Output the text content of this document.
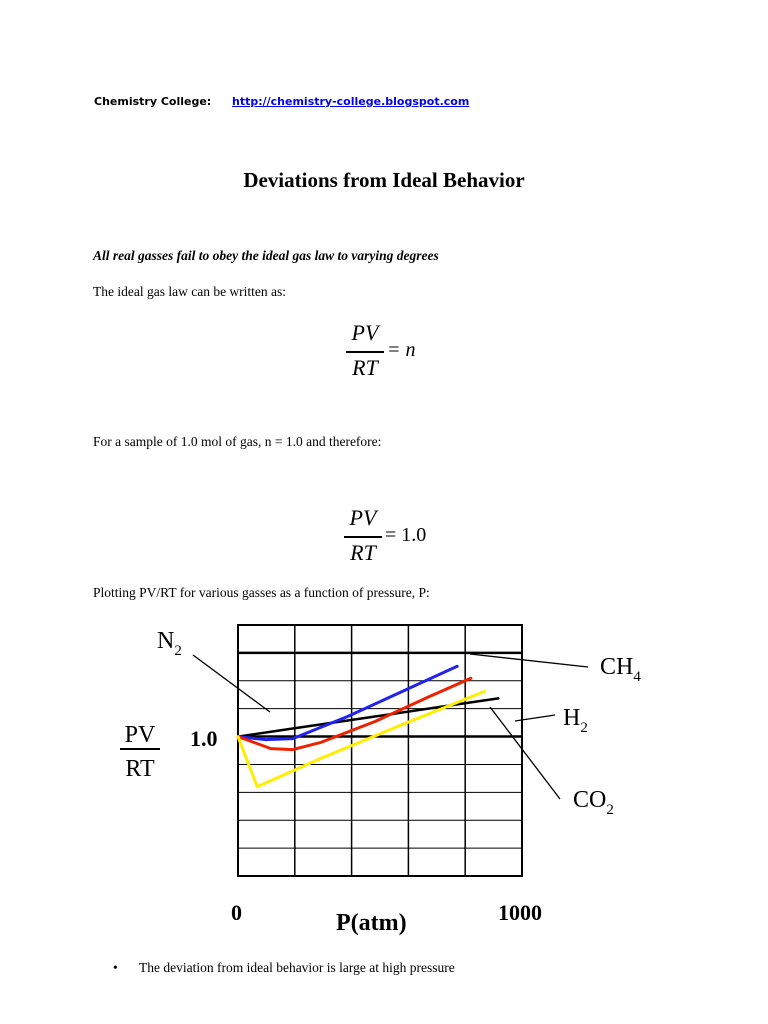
Chemistry College: http://chemistry-college.blogspot.com
Deviations from Ideal Behavior
All real gasses fail to obey the ideal gas law to varying degrees
The ideal gas law can be written as:
PV
RT
= n
For a sample of 1.0 mol of gas, n = 1.0 and therefore:
PV
RT
= 1.0
Plotting PV/RT for various gasses as a function of pressure, P:
$N_2$
$CH_4$
$H_2$
$CO_2$
PV
RT
1.0
0	1000
P(atm)
• The deviation from ideal behavior is large at high pressure
